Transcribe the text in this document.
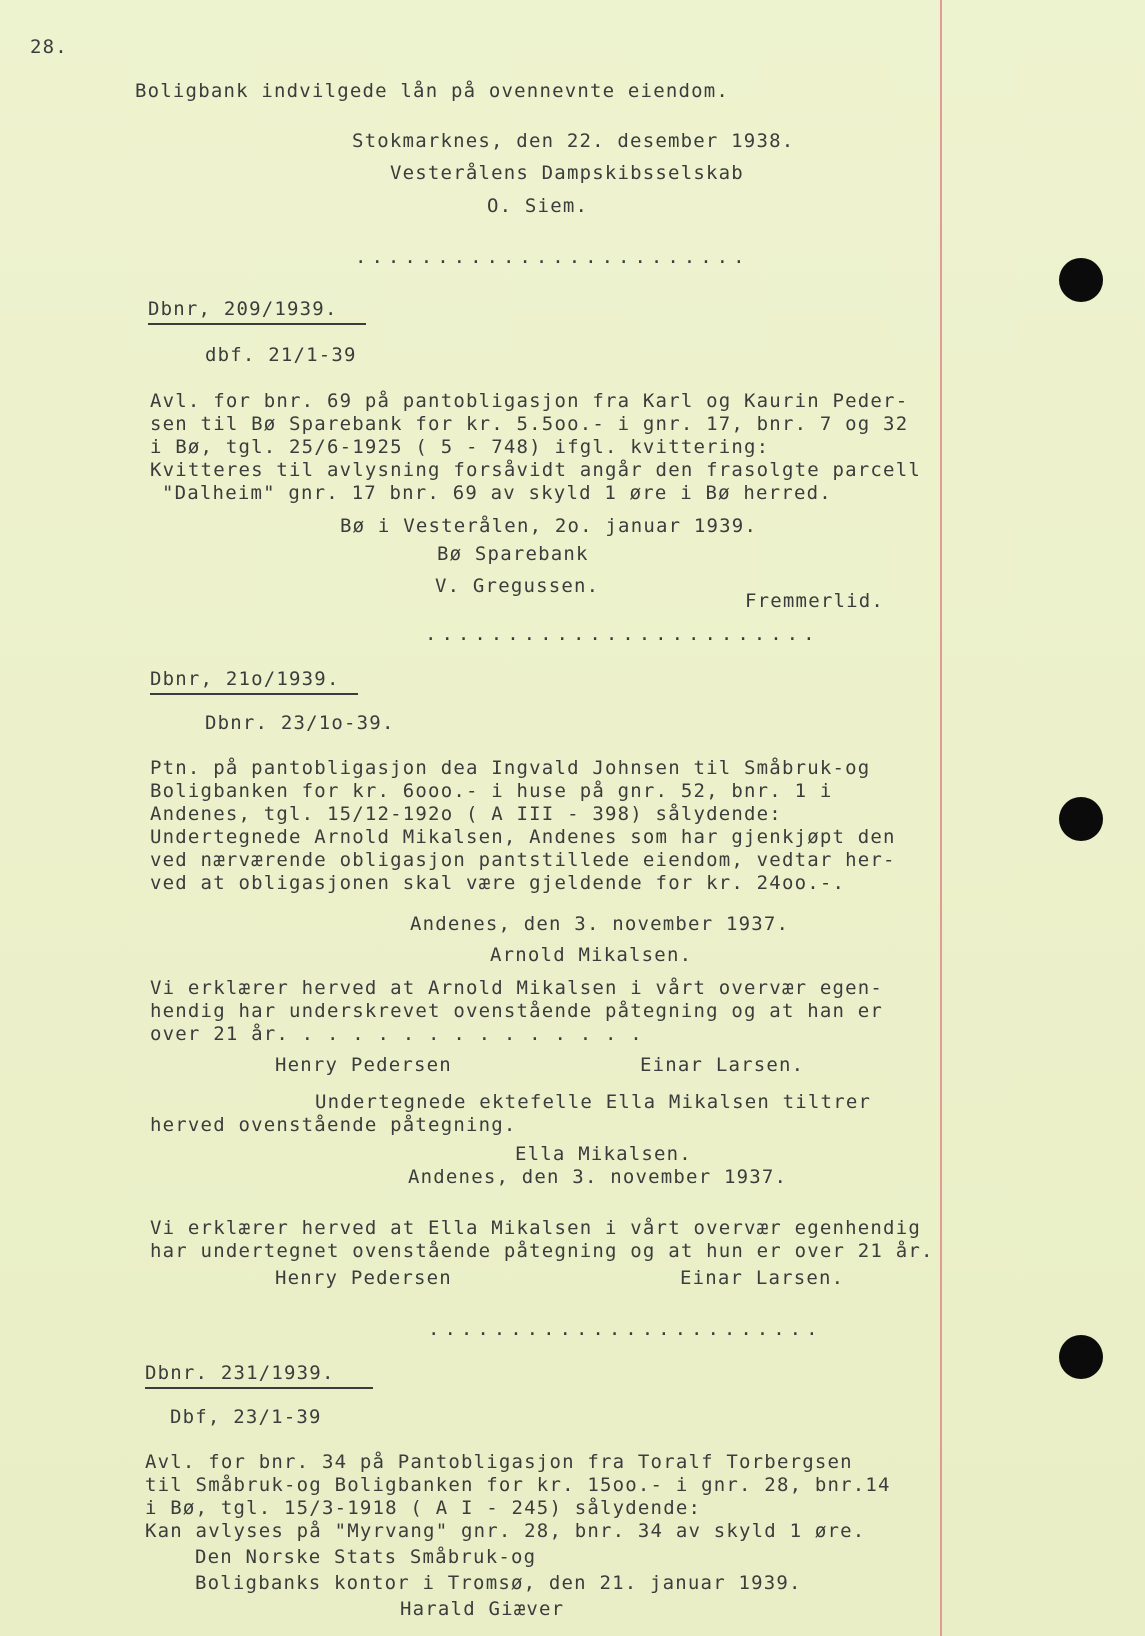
28.
Boligbank indvilgede lån på ovennevnte eiendom.
Stokmarknes, den 22. desember 1938.
Vesterålens Dampskibsselskab
O. Siem.
........................
Dbnr, 209/1939.
dbf. 21/1-39
Avl. for bnr. 69 på pantobligasjon fra Karl og Kaurin Peder-
sen til Bø Sparebank for kr. 5.5oo.- i gnr. 17, bnr. 7 og 32
i Bø, tgl. 25/6-1925 ( 5 - 748) ifgl. kvittering:
Kvitteres til avlysning forsåvidt angår den frasolgte parcell
"Dalheim" gnr. 17 bnr. 69 av skyld 1 øre i Bø herred.
Bø i Vesterålen, 2o. januar 1939.
Bø Sparebank
V. Gregussen.
Fremmerlid.
........................
Dbnr, 21o/1939.
Dbnr. 23/1o-39.
Ptn. på pantobligasjon dea Ingvald Johnsen til Småbruk-og
Boligbanken for kr. 6ooo.- i huse på gnr. 52, bnr. 1 i
Andenes, tgl. 15/12-192o ( A III - 398) sålydende:
Undertegnede Arnold Mikalsen, Andenes som har gjenkjøpt den
ved nærværende obligasjon pantstillede eiendom, vedtar her-
ved at obligasjonen skal være gjeldende for kr. 24oo.-.
Andenes, den 3. november 1937.
Arnold Mikalsen.
Vi erklærer herved at Arnold Mikalsen i vårt overvær egen-
hendig har underskrevet ovenstående påtegning og at han er
over 21 år. . . . . . . . . . . . . . .
Henry Pedersen	Einar Larsen.
Undertegnede ektefelle Ella Mikalsen tiltrer
herved ovenstående påtegning.
Ella Mikalsen.
Andenes, den 3. november 1937.
Vi erklærer herved at Ella Mikalsen i vårt overvær egenhendig
har undertegnet ovenstående påtegning og at hun er over 21 år.
Henry Pedersen	Einar Larsen.
........................
Dbnr. 231/1939.
Dbf, 23/1-39
Avl. for bnr. 34 på Pantobligasjon fra Toralf Torbergsen
til Småbruk-og Boligbanken for kr. 15oo.- i gnr. 28, bnr.14
i Bø, tgl. 15/3-1918 ( A I - 245) sålydende:
Kan avlyses på "Myrvang" gnr. 28, bnr. 34 av skyld 1 øre.
Den Norske Stats Småbruk-og
Boligbanks kontor i Tromsø, den 21. januar 1939.
Harald Giæver
